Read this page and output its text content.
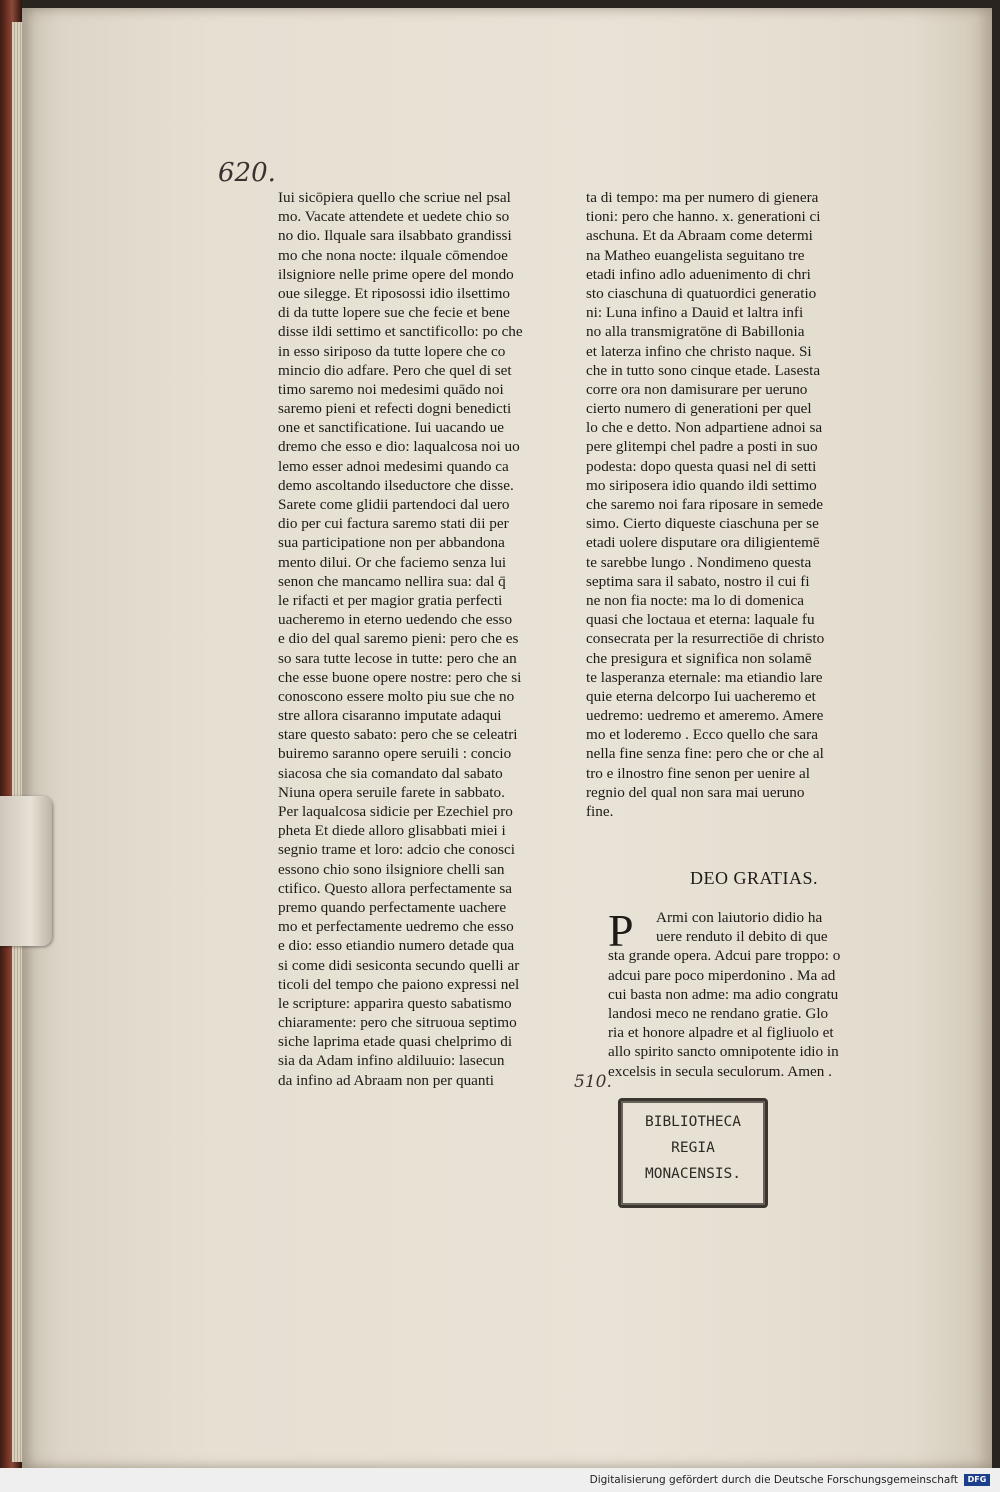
620.
Iui sicōpiera quello che scriue nel psal
mo. Vacate attendete et uedete chio so
no dio. Ilquale sara ilsabbato grandissi
mo che nona nocte: ilquale cōmendoe
ilsigniore nelle prime opere del mondo
oue silegge. Et riposossi idio ilsettimo
di da tutte lopere sue che fecie et bene
disse ildi settimo et sanctificollo: po che
in esso siriposo da tutte lopere che co
mincio dio adfare. Pero che quel di set
timo saremo noi medesimi quādo noi
saremo pieni et refecti dogni benedicti
one et sanctificatione. Iui uacando ue
dremo che esso e dio: laqualcosa noi uo
lemo esser adnoi medesimi quando ca
demo ascoltando ilseductore che disse.
Sarete come glidii partendoci dal uero
dio per cui factura saremo stati dii per
sua participatione non per abbandona
mento dilui. Or che faciemo senza lui
senon che mancamo nellira sua: dal q̄
le rifacti et per magior gratia perfecti
uacheremo in eterno uedendo che esso
e dio del qual saremo pieni: pero che es
so sara tutte lecose in tutte: pero che an
che esse buone opere nostre: pero che si
conoscono essere molto piu sue che no
stre allora cisaranno imputate adaqui
stare questo sabato: pero che se celeatri
buiremo saranno opere seruili : concio
siacosa che sia comandato dal sabato
Niuna opera seruile farete in sabbato.
Per laqualcosa sidicie per Ezechiel pro
pheta Et diede alloro glisabbati miei i
segnio trame et loro: adcio che conosci
essono chio sono ilsigniore chelli san
ctifico. Questo allora perfectamente sa
premo quando perfectamente uachere
mo et perfectamente uedremo che esso
e dio: esso etiandio numero detade qua
si come didi sesiconta secundo quelli ar
ticoli del tempo che paiono expressi nel
le scripture: apparira questo sabatismo
chiaramente: pero che sitruoua septimo
siche laprima etade quasi chelprimo di
sia da Adam infino aldiluuio: lasecun
da infino ad Abraam non per quanti
ta di tempo: ma per numero di gienera
tioni: pero che hanno. x. generationi ci
aschuna. Et da Abraam come determi
na Matheo euangelista seguitano tre
etadi infino adlo aduenimento di chri
sto ciaschuna di quatuordici generatio
ni: Luna infino a Dauid et laltra infi
no alla transmigratōne di Babillonia
et laterza infino che christo naque. Si
che in tutto sono cinque etade. Lasesta
corre ora non damisurare per ueruno
cierto numero di generationi per quel
lo che e detto. Non adpartiene adnoi sa
pere glitempi chel padre a posti in suo
podesta: dopo questa quasi nel di setti
mo siriposera idio quando ildi settimo
che saremo noi fara riposare in semede
simo. Cierto diqueste ciaschuna per se
etadi uolere disputare ora diligientemē
te sarebbe lungo . Nondimeno questa
septima sara il sabato, nostro il cui fi
ne non fia nocte: ma lo di domenica
quasi che loctaua et eterna: laquale fu
consecrata per la resurrectiōe di christo
che presigura et significa non solamē
te lasperanza eternale: ma etiandio lare
quie eterna delcorpo Iui uacheremo et
uedremo: uedremo et ameremo. Amere
mo et loderemo . Ecco quello che sara
nella fine senza fine: pero che or che al
tro e ilnostro fine senon per uenire al
regnio del qual non sara mai ueruno
fine.
DEO GRATIAS.
P	Armi con laiutorio didio ha
uere renduto il debito di que
sta grande opera. Adcui pare troppo: o
adcui pare poco miperdonino . Ma ad
cui basta non adme: ma adio congratu
landosi meco ne rendano gratie. Glo
ria et honore alpadre et al figliuolo et
allo spirito sancto omnipotente idio in
excelsis in secula seculorum. Amen .
510.
BIBLIOTHECA
REGIA
MONACENSIS.
Digitalisierung gefördert durch die Deutsche Forschungsgemeinschaft	DFG
